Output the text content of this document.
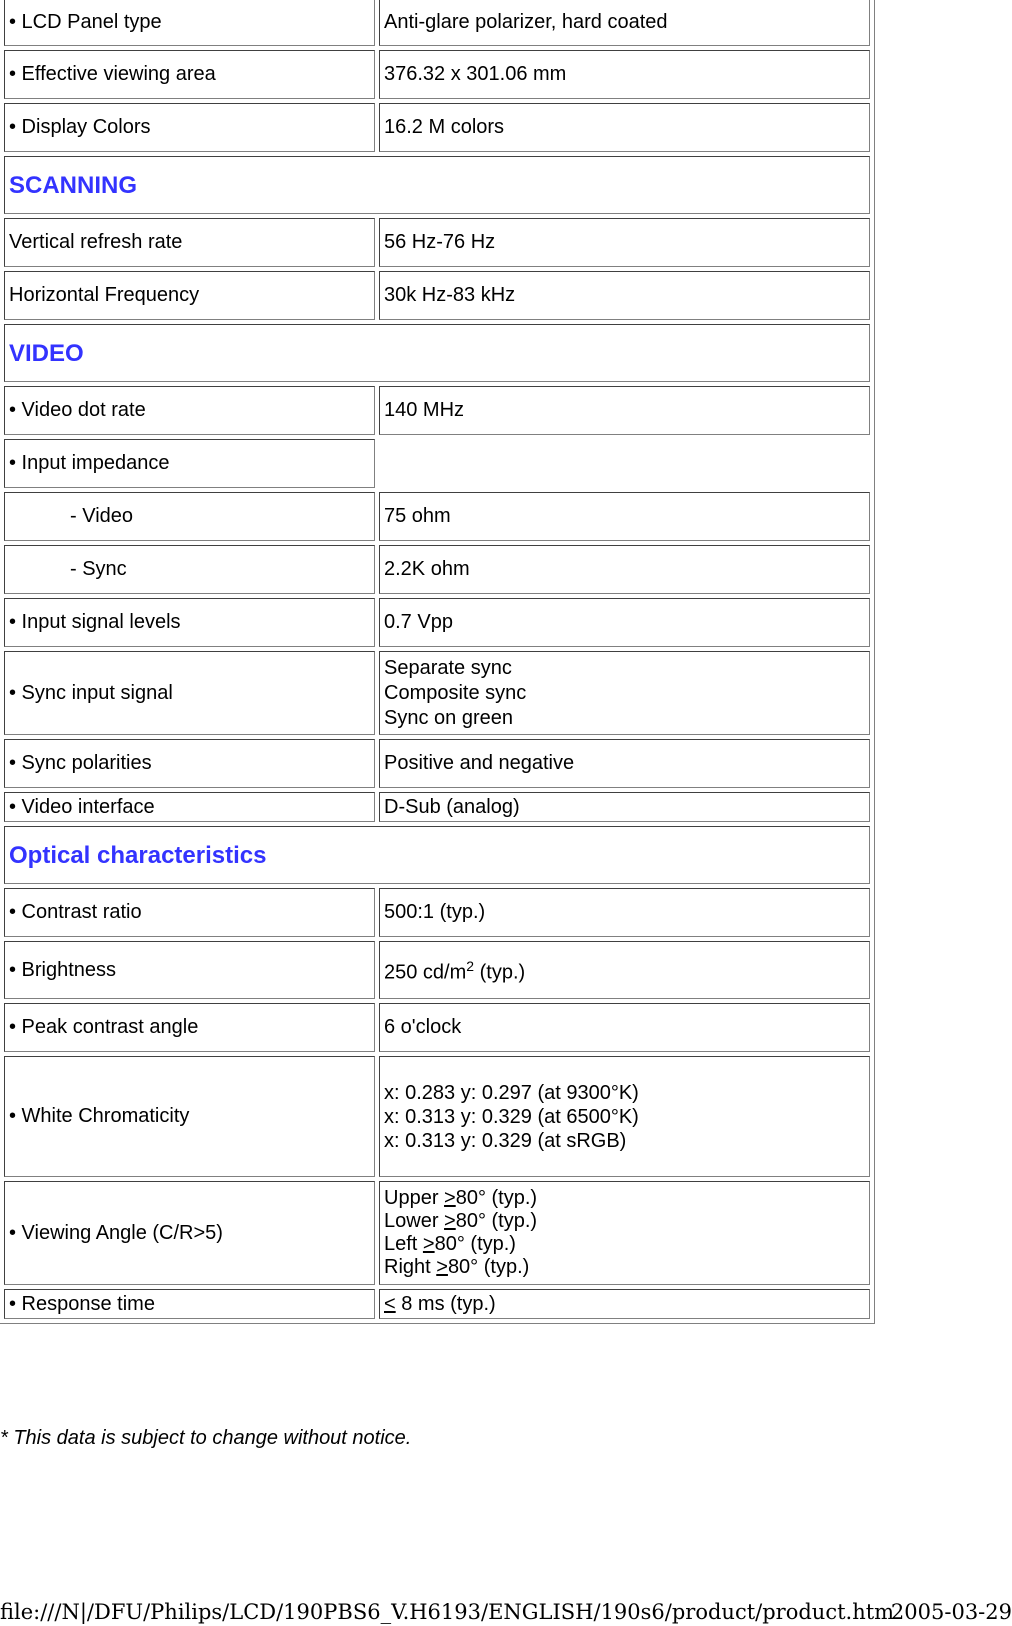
• LCD Panel type	Anti-glare polarizer, hard coated
• Effective viewing area	376.32 x 301.06 mm
• Display Colors	16.2 M colors
SCANNING	
Vertical refresh rate	56 Hz-76 Hz
Horizontal Frequency	30k Hz-83 kHz
VIDEO	
• Video dot rate	140 MHz
• Input impedance	
- Video	75 ohm
- Sync	2.2K ohm
• Input signal levels	0.7 Vpp
• Sync input signal	Separate sync
Composite sync
Sync on green

• Sync polarities	Positive and negative
• Video interface	D-Sub (analog)
Optical characteristics	
• Contrast ratio	500:1 (typ.)
• Brightness	250 $cd/m^2$ (typ.)
• Peak contrast angle	6 o'clock
• White Chromaticity	x: 0.283 y: 0.297 (at 9300°K)
x: 0.313 y: 0.329 (at 6500°K)
x: 0.313 y: 0.329 (at sRGB)

• Viewing Angle (C/R>5)	Upper >80° (typ.)
Lower >80° (typ.)
Left >80° (typ.)
Right >80° (typ.)

• Response time	< 8 ms (typ.)
* This data is subject to change without notice.
file:///N|/DFU/Philips/LCD/190PBS6_V.H6193/ENGLISH/190s6/product/product.htm
2005-03-29
